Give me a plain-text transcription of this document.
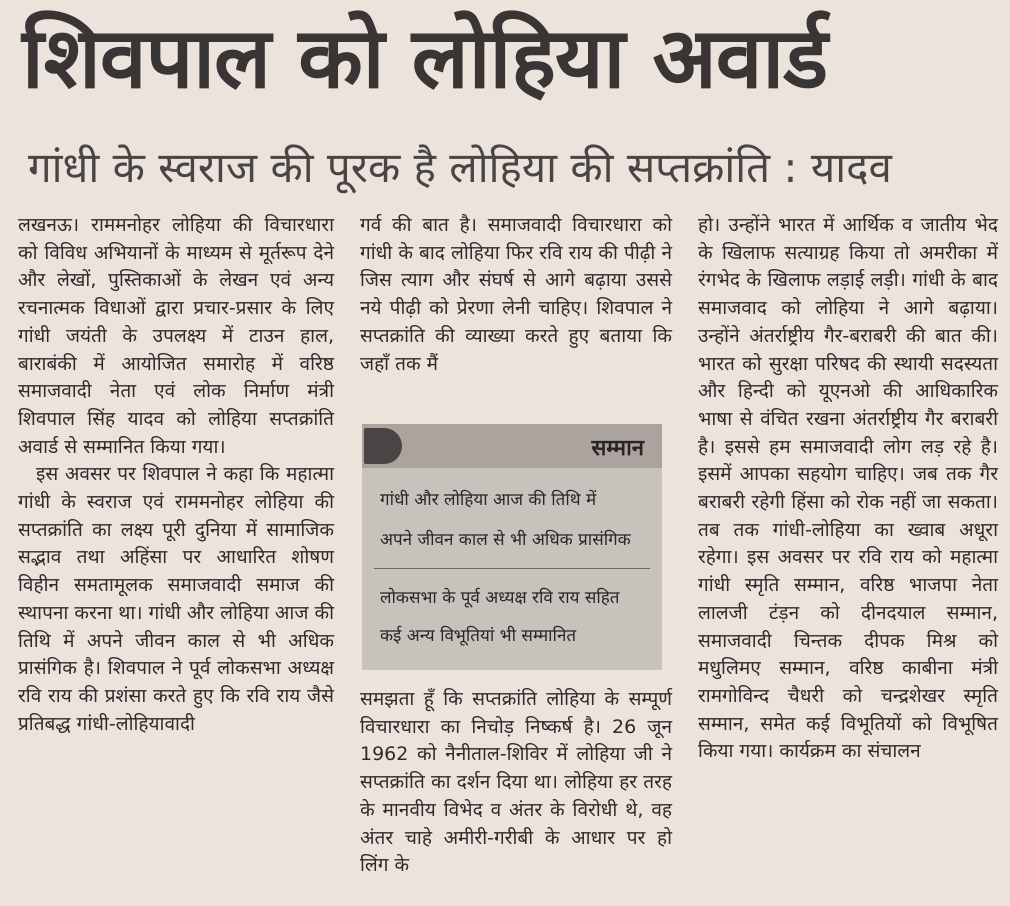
शिवपाल को लोहिया अवार्ड
गांधी के स्वराज की पूरक है लोहिया की सप्तक्रांति : यादव

लखनऊ। राममनोहर लोहिया की विचारधारा को विविध अभियानों के माध्यम से मूर्तरूप देने और लेखों, पुस्तिकाओं के लेखन एवं अन्य रचनात्मक विधाओं द्वारा प्रचार-प्रसार के लिए गांधी जयंती के उपलक्ष्य में टाउन हाल, बाराबंकी में आयोजित समारोह में वरिष्ठ समाजवादी नेता एवं लोक निर्माण मंत्री शिवपाल सिंह यादव को लोहिया सप्तक्रांति अवार्ड से सम्मानित किया गया।

इस अवसर पर शिवपाल ने कहा कि महात्मा गांधी के स्वराज एवं राममनोहर लोहिया की सप्तक्रांति का लक्ष्य पूरी दुनिया में सामाजिक सद्भाव तथा अहिंसा पर आधारित शोषण विहीन समतामूलक समाजवादी समाज की स्थापना करना था। गांधी और लोहिया आज की तिथि में अपने जीवन काल से भी अधिक प्रासंगिक है। शिवपाल ने पूर्व लोकसभा अध्यक्ष रवि राय की प्रशंसा करते हुए कि रवि राय जैसे प्रतिबद्ध गांधी-लोहियावादी

गर्व की बात है। समाजवादी विचारधारा को गांधी के बाद लोहिया फिर रवि राय की पीढ़ी ने जिस त्याग और संघर्ष से आगे बढ़ाया उससे नये पीढ़ी को प्रेरणा लेनी चाहिए। शिवपाल ने सप्तक्रांति की व्याख्या करते हुए बताया कि जहाँ तक मैं

सम्मान
गांधी और लोहिया आज की तिथि में
अपने जीवन काल से भी अधिक प्रासंगिक
लोकसभा के पूर्व अध्यक्ष रवि राय सहित
कई अन्य विभूतियां भी सम्मानित

समझता हूँ कि सप्तक्रांति लोहिया के सम्पूर्ण विचारधारा का निचोड़ निष्कर्ष है। 26 जून 1962 को नैनीताल-शिविर में लोहिया जी ने सप्तक्रांति का दर्शन दिया था। लोहिया हर तरह के मानवीय विभेद व अंतर के विरोधी थे, वह अंतर चाहे अमीरी-गरीबी के आधार पर हो लिंग के

हो। उन्होंने भारत में आर्थिक व जातीय भेद के खिलाफ सत्याग्रह किया तो अमरीका में रंगभेद के खिलाफ लड़ाई लड़ी। गांधी के बाद समाजवाद को लोहिया ने आगे बढ़ाया। उन्होंने अंतर्राष्ट्रीय गैर-बराबरी की बात की। भारत को सुरक्षा परिषद की स्थायी सदस्यता और हिन्दी को यूएनओ की आधिकारिक भाषा से वंचित रखना अंतर्राष्ट्रीय गैर बराबरी है। इससे हम समाजवादी लोग लड़ रहे है। इसमें आपका सहयोग चाहिए। जब तक गैर बराबरी रहेगी हिंसा को रोक नहीं जा सकता। तब तक गांधी-लोहिया का ख्वाब अधूरा रहेगा। इस अवसर पर रवि राय को महात्मा गांधी स्मृति सम्मान, वरिष्ठ भाजपा नेता लालजी टंड़न को दीनदयाल सम्मान, समाजवादी चिन्तक दीपक मिश्र को मधुलिमए सम्मान, वरिष्ठ काबीना मंत्री रामगोविन्द चैधरी को चन्द्रशेखर स्मृति सम्मान, समेत कई विभूतियों को विभूषित किया गया। कार्यक्रम का संचालन
